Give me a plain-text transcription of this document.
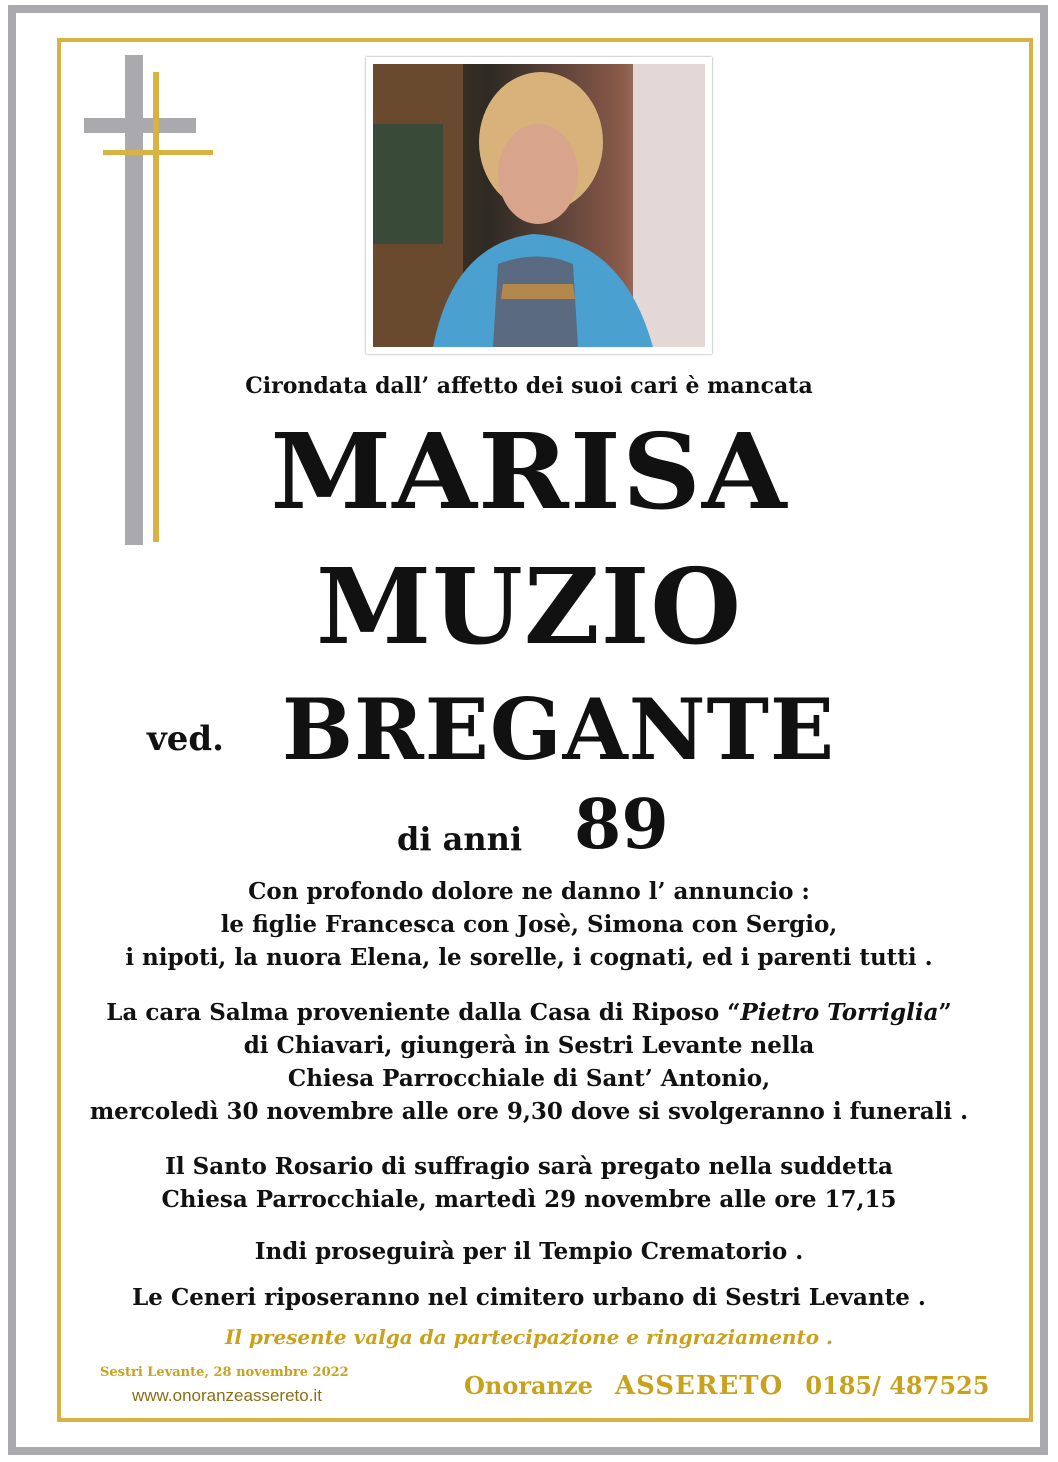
Cirondata dall’ affetto dei suoi cari è mancata
MARISA
MUZIO
ved. BREGANTE
di anni 89
Con profondo dolore ne danno l’ annuncio :
le figlie Francesca con Josè, Simona con Sergio,
i nipoti, la nuora Elena, le sorelle, i cognati, ed i parenti tutti .
La cara Salma proveniente dalla Casa di Riposo “Pietro Torriglia”
di Chiavari, giungerà in Sestri Levante nella
Chiesa Parrocchiale di Sant’ Antonio,
mercoledì 30 novembre alle ore 9,30 dove si svolgeranno i funerali .
Il Santo Rosario di suffragio sarà pregato nella suddetta
Chiesa Parrocchiale, martedì 29 novembre alle ore 17,15
Indi proseguirà per il Tempio Crematorio .
Le Ceneri riposeranno nel cimitero urbano di Sestri Levante .
Il presente valga da partecipazione e ringraziamento .
Sestri Levante, 28 novembre 2022
www.onoranzeassereto.it	Onoranze ASSERETO 0185/ 487525
